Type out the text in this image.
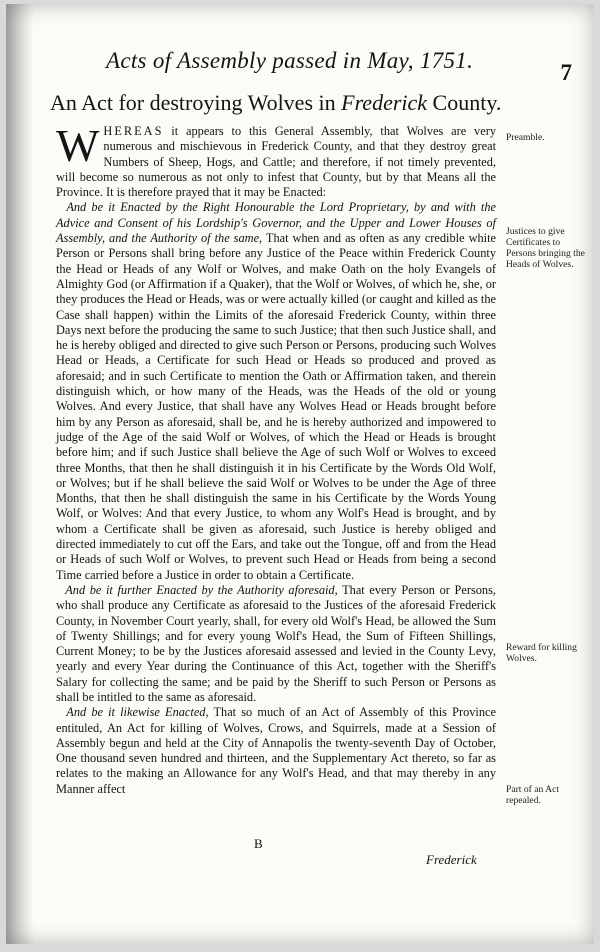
Acts of Assembly passed in May, 1751.	7
An Act for destroying Wolves in Frederick County.

WHEREAS it appears to this General Assembly, that Wolves are very numerous and mischievous in Frederick County, and that they destroy great Numbers of Sheep, Hogs, and Cattle; and therefore, if not timely prevented, will become so numerous as not only to infest that County, but by that Means all the Province. It is therefore prayed that it may be Enacted:

And be it Enacted by the Right Honourable the Lord Proprietary, by and with the Advice and Consent of his Lordship's Governor, and the Upper and Lower Houses of Assembly, and the Authority of the same, That when and as often as any credible white Person or Persons shall bring before any Justice of the Peace within Frederick County the Head or Heads of any Wolf or Wolves, and make Oath on the holy Evangels of Almighty God (or Affirmation if a Quaker), that the Wolf or Wolves, of which he, she, or they produces the Head or Heads, was or were actually killed (or caught and killed as the Case shall happen) within the Limits of the aforesaid Frederick County, within three Days next before the producing the same to such Justice; that then such Justice shall, and he is hereby obliged and directed to give such Person or Persons, producing such Wolves Head or Heads, a Certificate for such Head or Heads so produced and proved as aforesaid; and in such Certificate to mention the Oath or Affirmation taken, and therein distinguish which, or how many of the Heads, was the Heads of the old or young Wolves. And every Justice, that shall have any Wolves Head or Heads brought before him by any Person as aforesaid, shall be, and he is hereby authorized and impowered to judge of the Age of the said Wolf or Wolves, of which the Head or Heads is brought before him; and if such Justice shall believe the Age of such Wolf or Wolves to exceed three Months, that then he shall distinguish it in his Certificate by the Words Old Wolf, or Wolves; but if he shall believe the said Wolf or Wolves to be under the Age of three Months, that then he shall distinguish the same in his Certificate by the Words Young Wolf, or Wolves: And that every Justice, to whom any Wolf's Head is brought, and by whom a Certificate shall be given as aforesaid, such Justice is hereby obliged and directed immediately to cut off the Ears, and take out the Tongue, off and from the Head or Heads of such Wolf or Wolves, to prevent such Head or Heads from being a second Time carried before a Justice in order to obtain a Certificate.

And be it further Enacted by the Authority aforesaid, That every Person or Persons, who shall produce any Certificate as aforesaid to the Justices of the aforesaid Frederick County, in November Court yearly, shall, for every old Wolf's Head, be allowed the Sum of Twenty Shillings; and for every young Wolf's Head, the Sum of Fifteen Shillings, Current Money; to be by the Justices aforesaid assessed and levied in the County Levy, yearly and every Year during the Continuance of this Act, together with the Sheriff's Salary for collecting the same; and be paid by the Sheriff to such Person or Persons as shall be intitled to the same as aforesaid.

And be it likewise Enacted, That so much of an Act of Assembly of this Province entituled, An Act for killing of Wolves, Crows, and Squirrels, made at a Session of Assembly begun and held at the City of Annapolis the twenty-seventh Day of October, One thousand seven hundred and thirteen, and the Supplementary Act thereto, so far as relates to the making an Allowance for any Wolf's Head, and that may thereby in any Manner affect

Preamble.
Justices to give Certificates to Persons bringing the Heads of Wolves.
Reward for killing Wolves.
Part of an Act repealed.
B
Frederick
